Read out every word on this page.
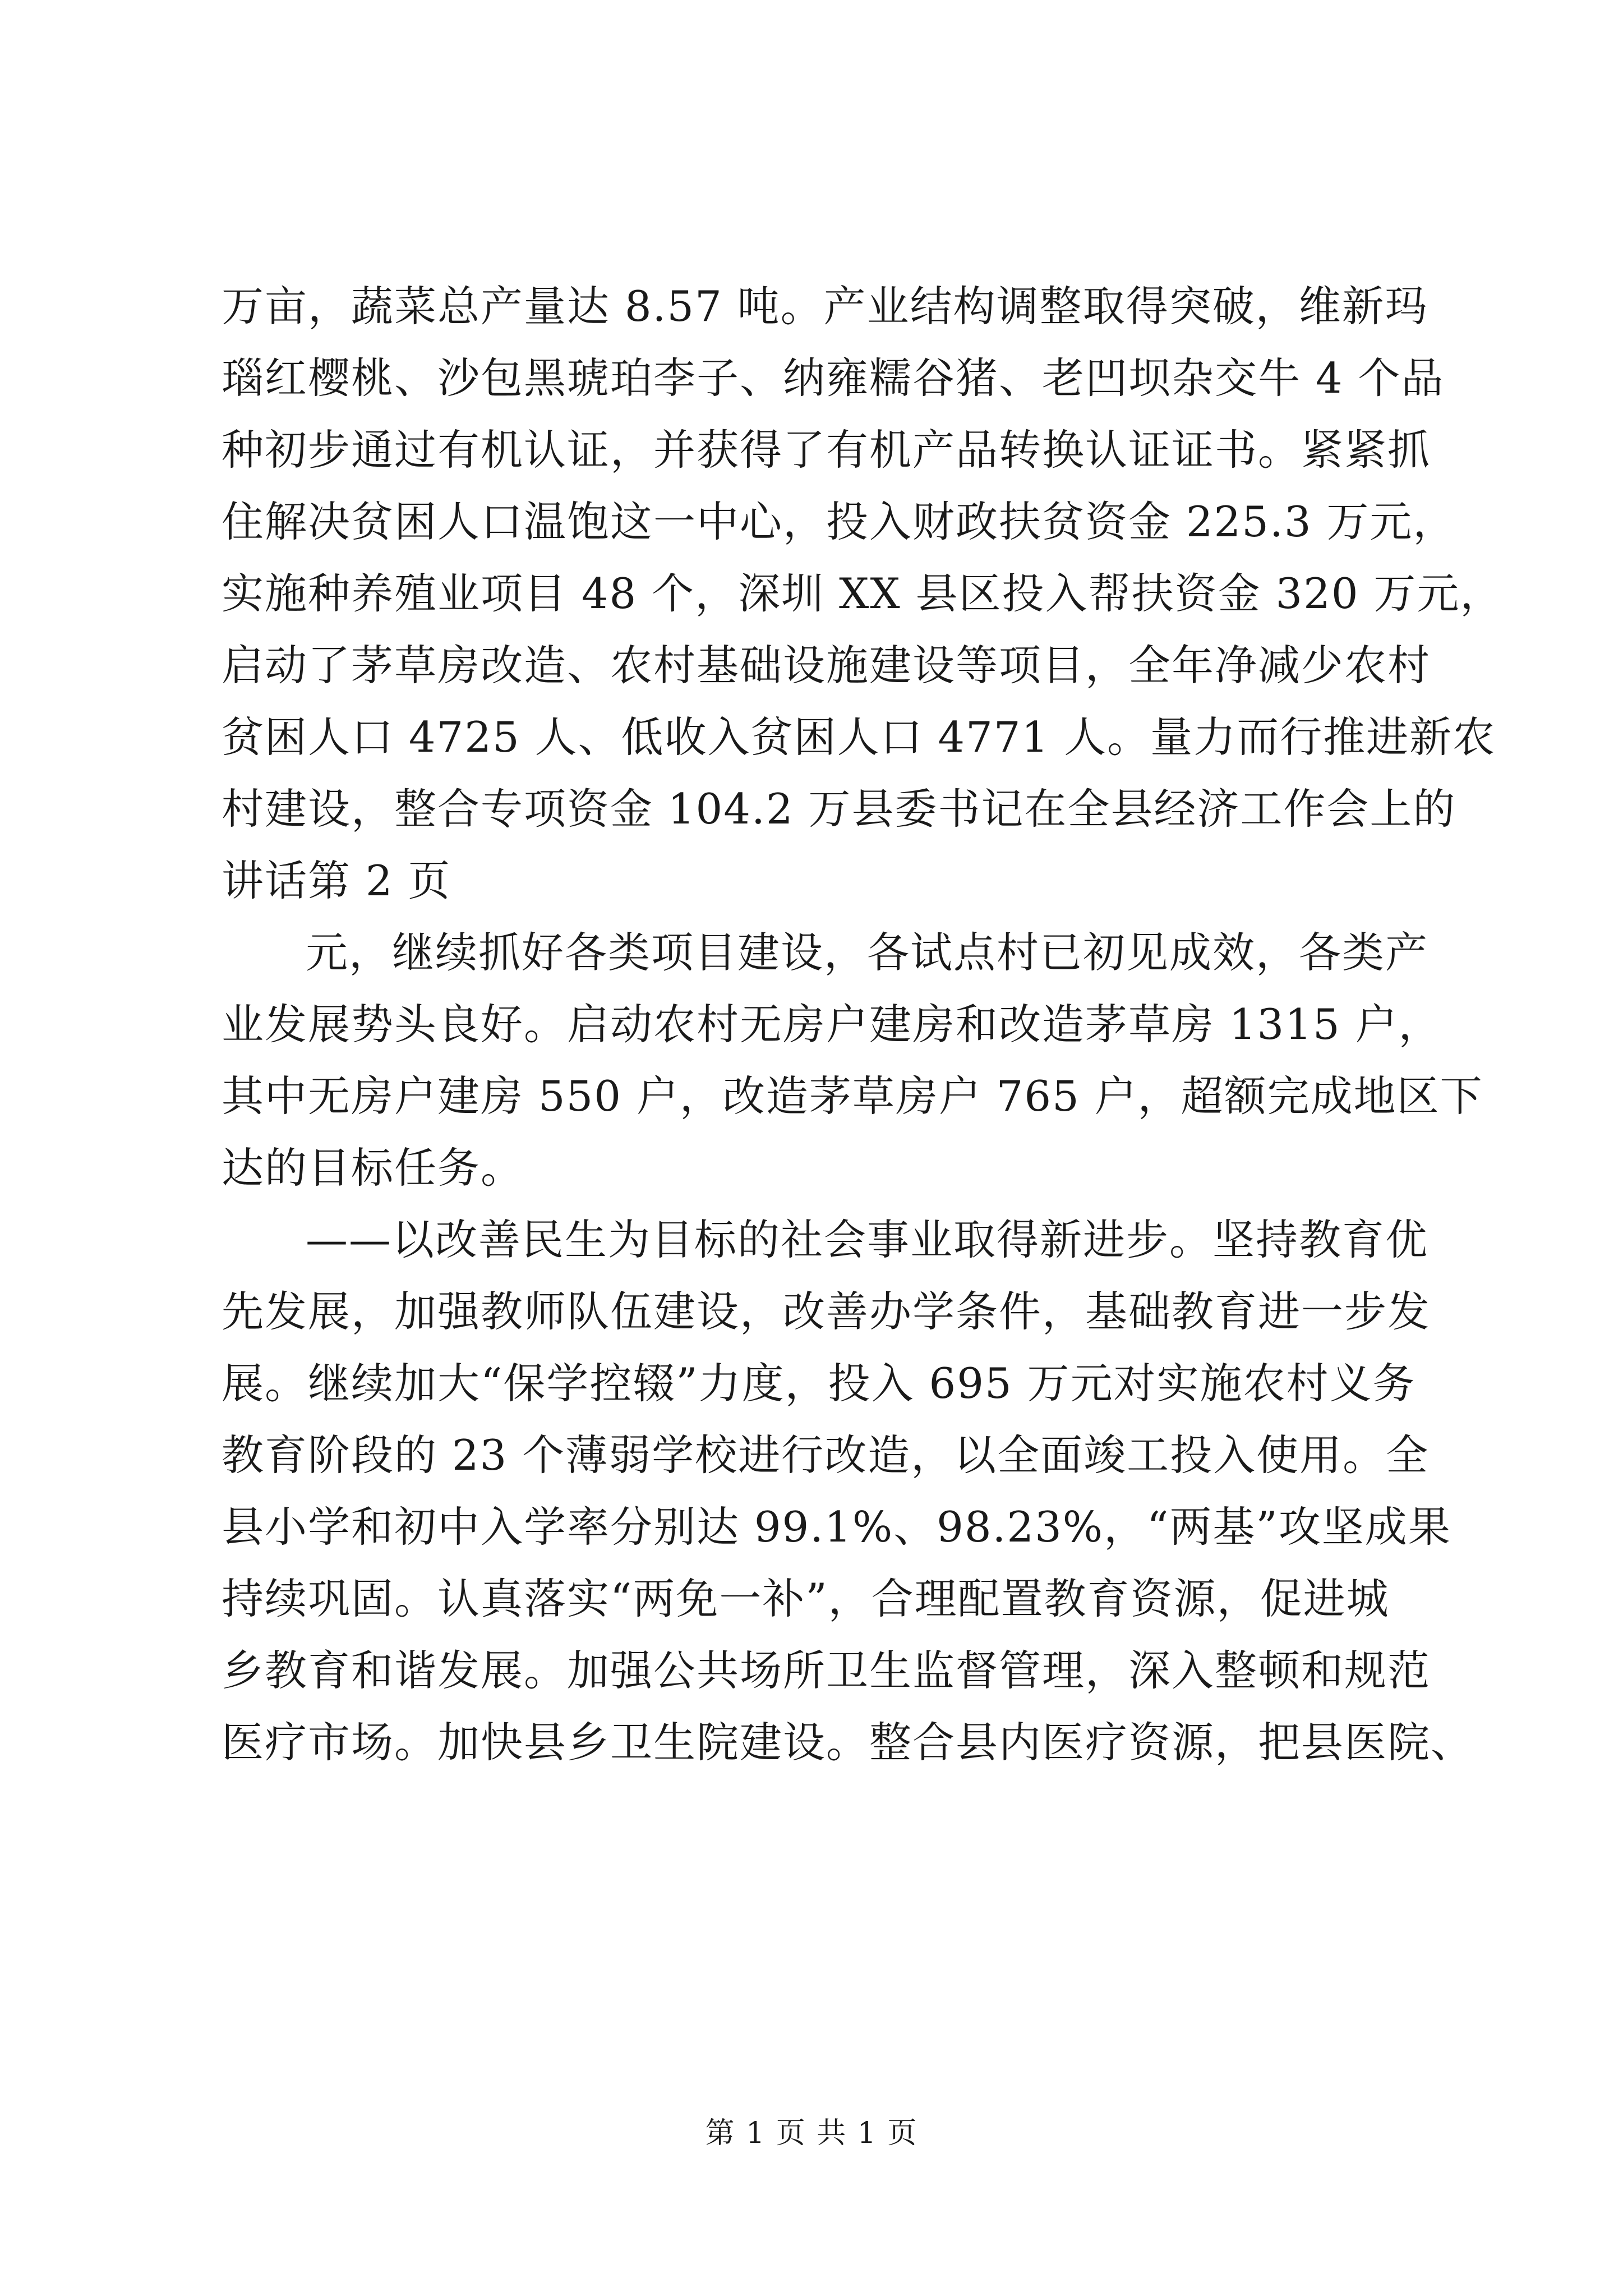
万亩，蔬菜总产量达 8.57 吨。产业结构调整取得突破，维新玛
瑙红樱桃、沙包黑琥珀李子、纳雍糯谷猪、老凹坝杂交牛 4 个品
种初步通过有机认证，并获得了有机产品转换认证证书。紧紧抓
住解决贫困人口温饱这一中心，投入财政扶贫资金 225.3 万元，
实施种养殖业项目 48 个，深圳 XX 县区投入帮扶资金 320 万元，
启动了茅草房改造、农村基础设施建设等项目，全年净减少农村
贫困人口 4725 人、低收入贫困人口 4771 人。量力而行推进新农
村建设，整合专项资金 104.2 万县委书记在全县经济工作会上的
讲话第 2 页
元，继续抓好各类项目建设，各试点村已初见成效，各类产
业发展势头良好。启动农村无房户建房和改造茅草房 1315 户，
其中无房户建房 550 户，改造茅草房户 765 户，超额完成地区下
达的目标任务。
——以改善民生为目标的社会事业取得新进步。坚持教育优
先发展，加强教师队伍建设，改善办学条件，基础教育进一步发
展。继续加大“保学控辍”力度，投入 695 万元对实施农村义务
教育阶段的 23 个薄弱学校进行改造，以全面竣工投入使用。全
县小学和初中入学率分别达 99.1%、98.23%，“两基”攻坚成果
持续巩固。认真落实“两免一补”，合理配置教育资源，促进城
乡教育和谐发展。加强公共场所卫生监督管理，深入整顿和规范
医疗市场。加快县乡卫生院建设。整合县内医疗资源，把县医院、
第 1 页 共 1 页
